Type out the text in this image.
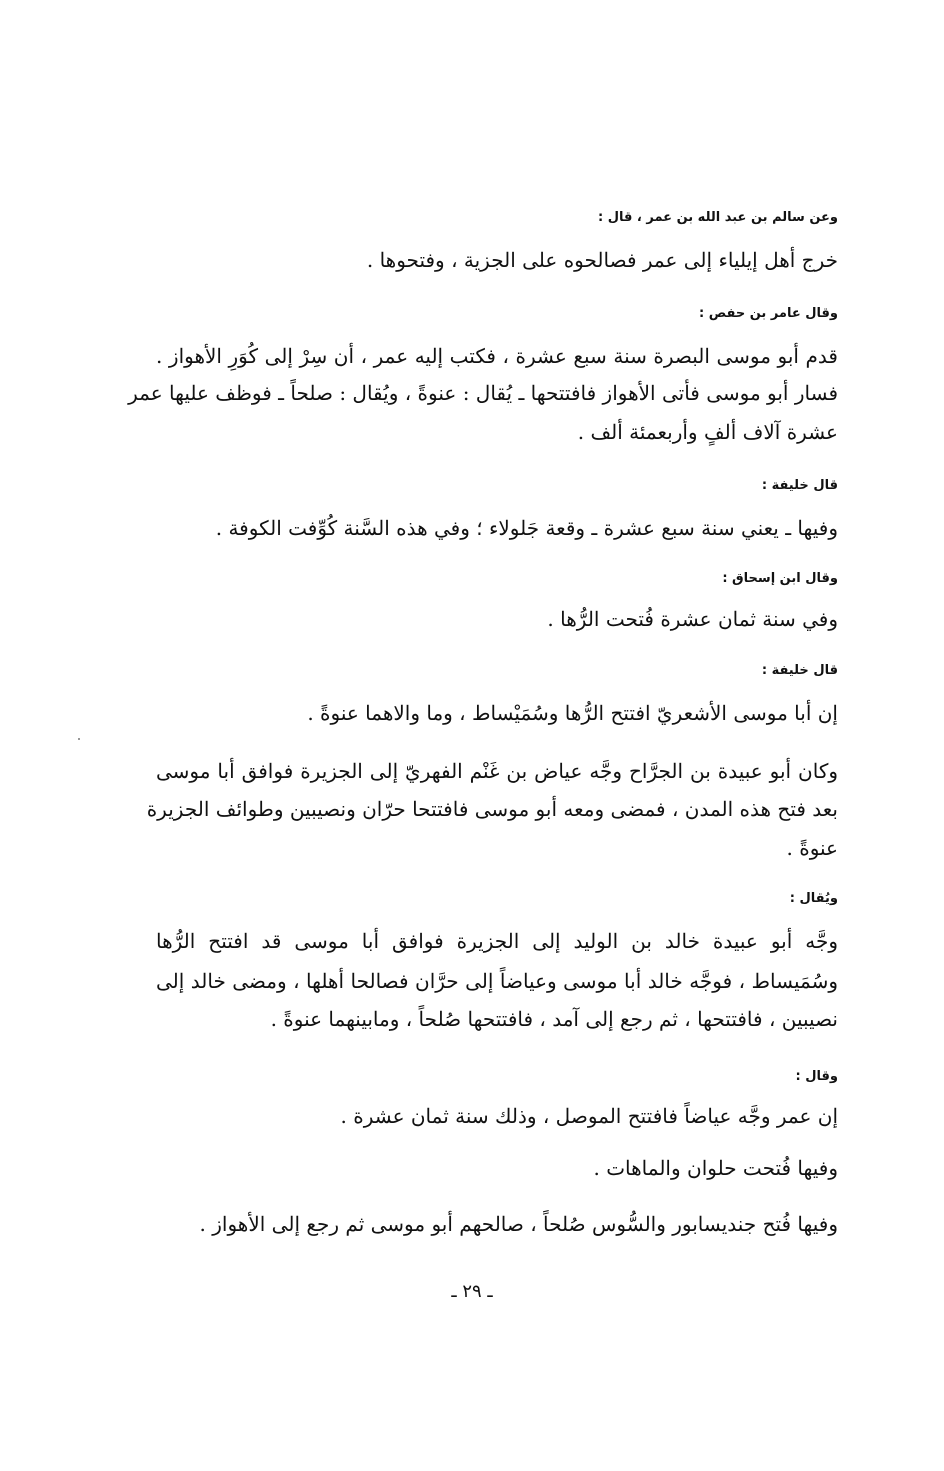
وعن سالم بن عبد الله بن عمر ، قال :
خرج أهل إيلياء إلى عمر فصالحوه على الجزية ، وفتحوها .
وقال عامر بن حفص :
قدم أبو موسى البصرة سنة سبع عشرة ، فكتب إليه عمر ، أن سِرْ إلى كُوَرِ الأهواز .
فسار أبو موسى فأتى الأهواز فافتتحها ـ يُقال : عنوةً ، ويُقال : صلحاً ـ فوظف عليها عمر
عشرة آلاف ألفٍ وأربعمئة ألف .
قال خليفة :
وفيها ـ يعني سنة سبع عشرة ـ وقعة جَلولاء ؛ وفي هذه السَّنة كُوِّفت الكوفة .
وقال ابن إسحاق :
وفي سنة ثمان عشرة فُتحت الرُّها .
قال خليفة :
إن أبا موسى الأشعريّ افتتح الرُّها وسُمَيْساط ، وما والاهما عنوةً .
وكان أبو عبيدة بن الجرَّاح وجَّه عياض بن غَنْم الفهريّ إلى الجزيرة فوافق أبا موسى
بعد فتح هذه المدن ، فمضى ومعه أبو موسى فافتتحا حرّان ونصيبين وطوائف الجزيرة
عنوةً .
ويُقال :
وجَّه أبو عبيدة خالد بن الوليد إلى الجزيرة فوافق أبا موسى قد افتتح الرُّها
وسُمَيساط ، فوجَّه خالد أبا موسى وعياضاً إلى حرَّان فصالحا أهلها ، ومضى خالد إلى
نصيبين ، فافتتحها ، ثم رجع إلى آمد ، فافتتحها صُلحاً ، ومابينهما عنوةً .
وقال :
إن عمر وجَّه عياضاً فافتتح الموصل ، وذلك سنة ثمان عشرة .
وفيها فُتحت حلوان والماهات .
وفيها فُتح جنديسابور والسُّوس صُلحاً ، صالحهم أبو موسى ثم رجع إلى الأهواز .
ـ ٢٩ ـ
